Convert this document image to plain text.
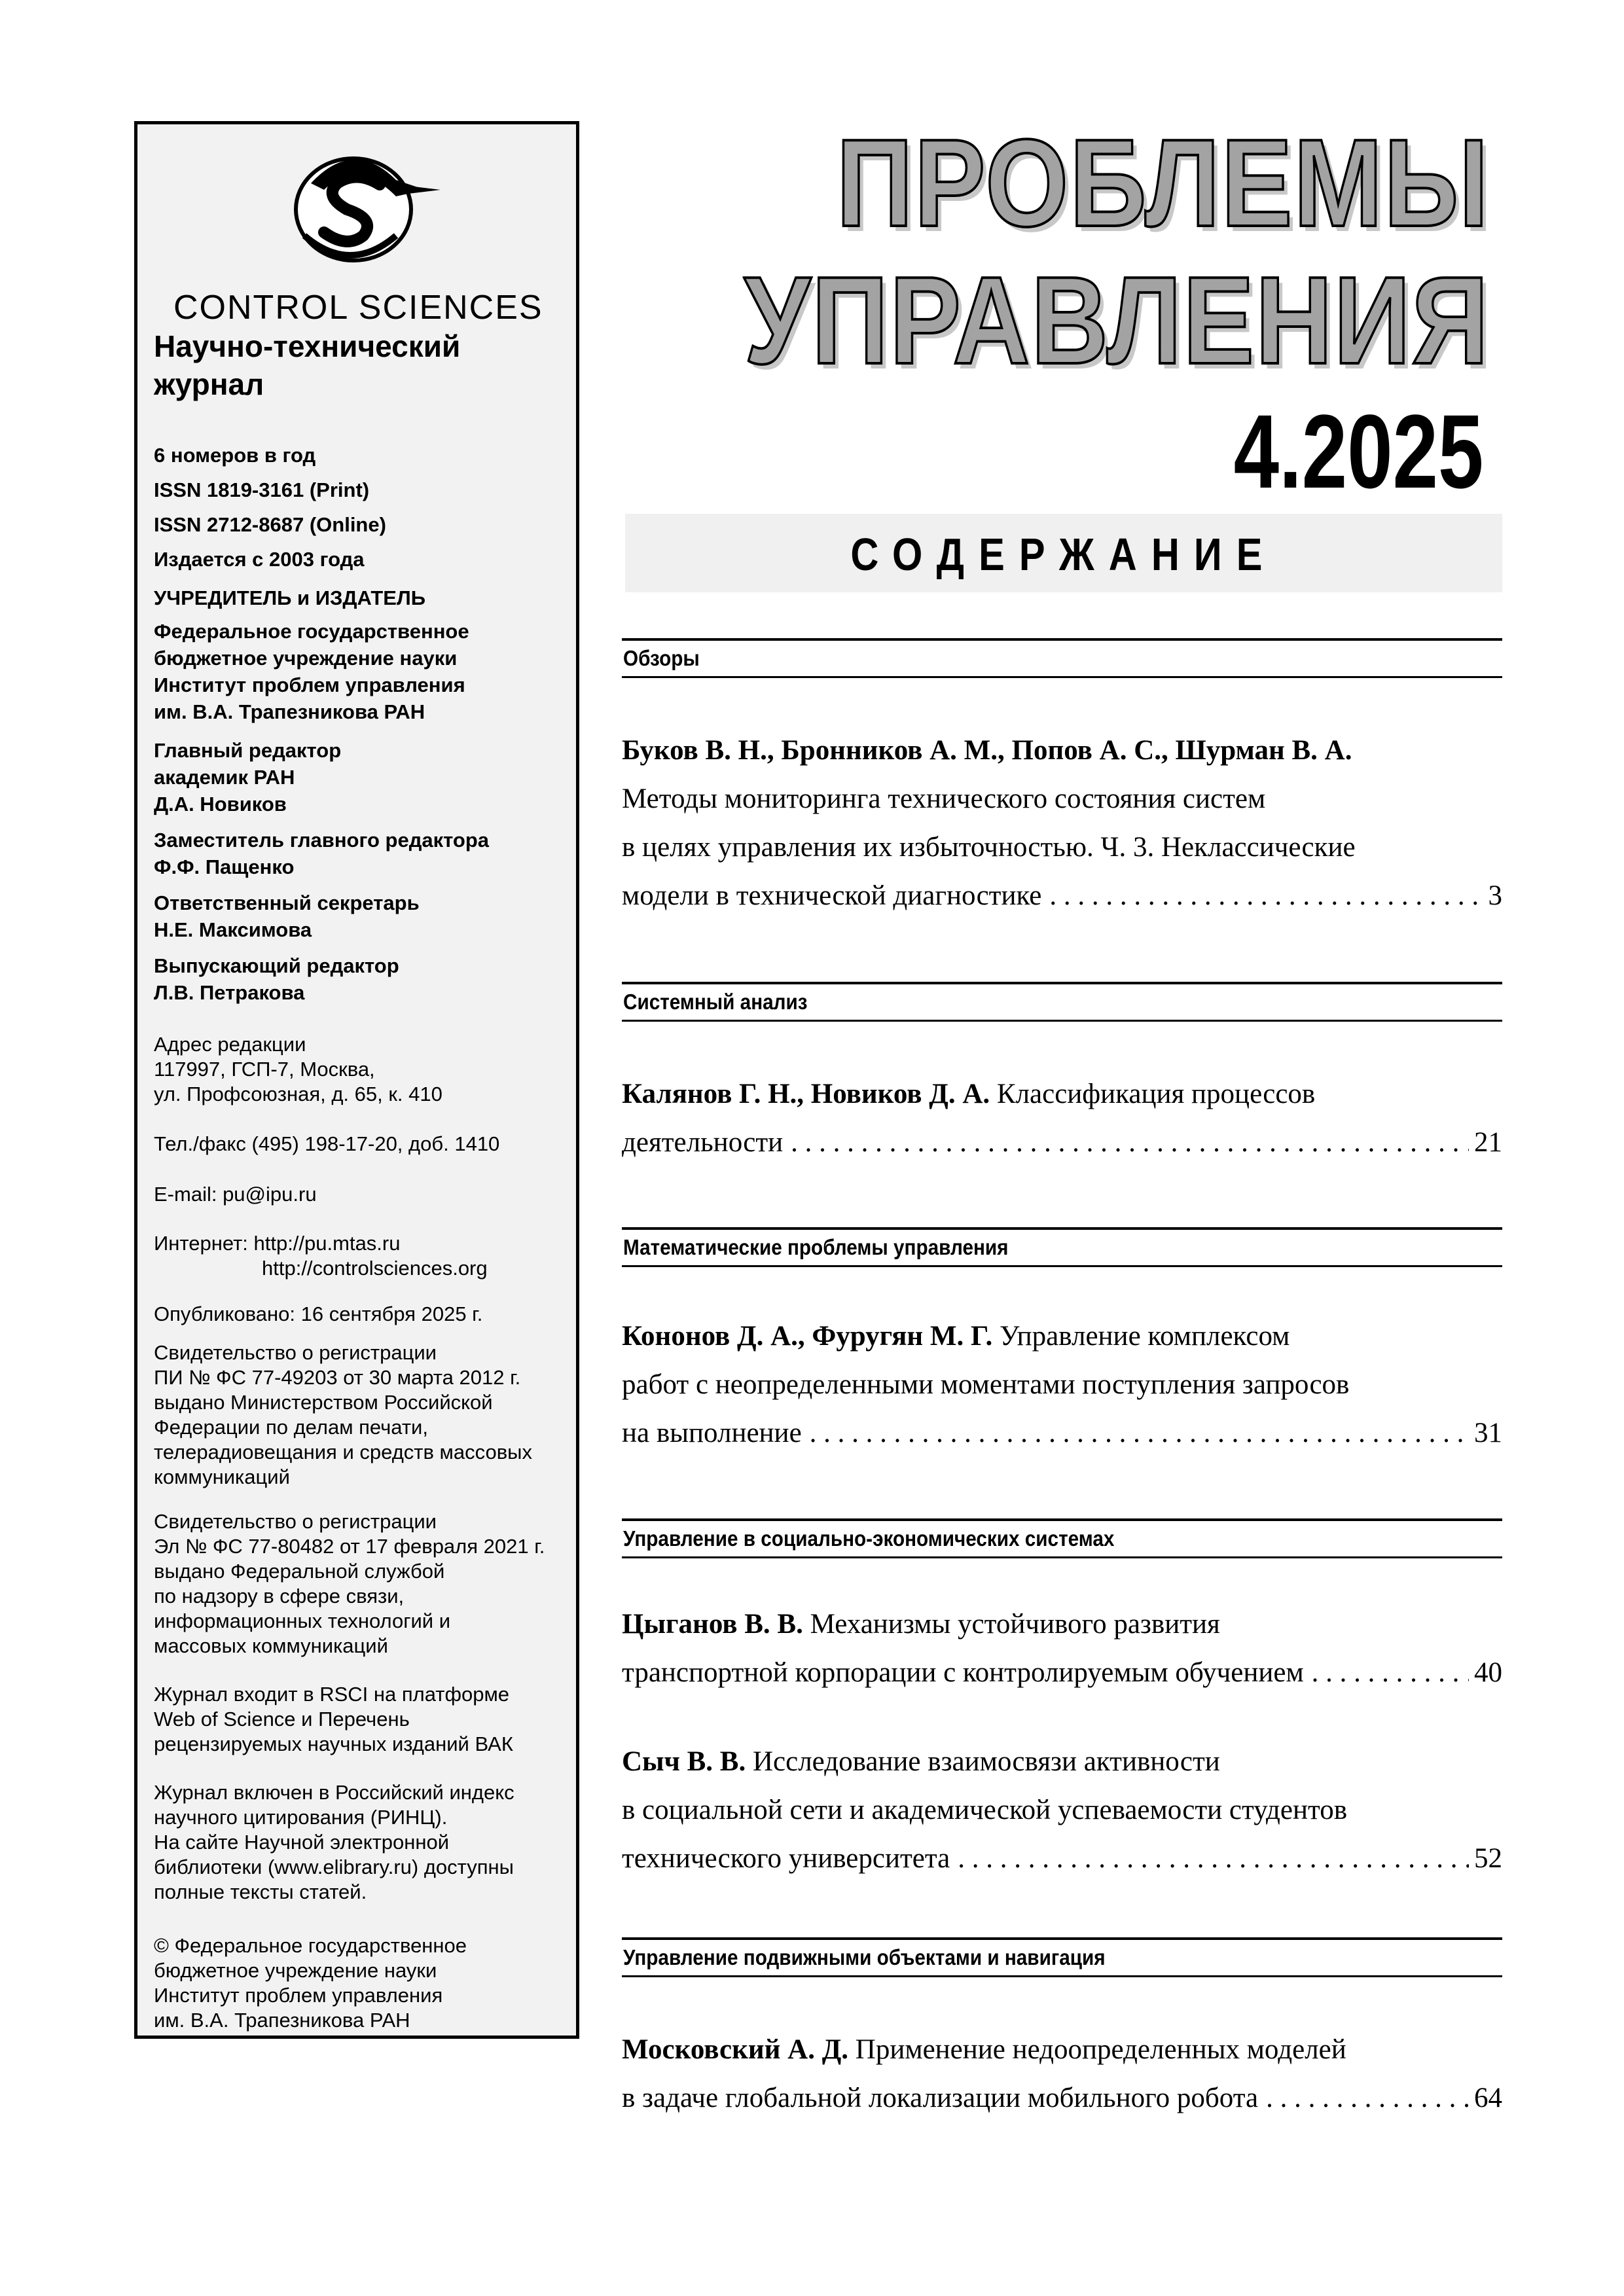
CONTROL SCIENCES
Научно-технический журнал
6 номеров в год
ISSN 1819-3161 (Print)
ISSN 2712-8687 (Online)
Издается с 2003 года
УЧРЕДИТЕЛЬ и ИЗДАТЕЛЬ
Федеральное государственное
бюджетное учреждение науки
Институт проблем управления
им. В.А. Трапезникова РАН
Главный редактор
академик РАН
Д.А. Новиков
Заместитель главного редактора
Ф.Ф. Пащенко
Ответственный секретарь
Н.Е. Максимова
Выпускающий редактор
Л.В. Петракова
Адрес редакции
117997, ГСП-7, Москва,
ул. Профсоюзная, д. 65, к. 410
Тел./факс (495) 198-17-20, доб. 1410
E-mail: pu@ipu.ru
Интернет: http://pu.mtas.ru
http://controlsciences.org
Опубликовано: 16 сентября 2025 г.
Свидетельство о регистрации
ПИ № ФС 77-49203 от 30 марта 2012 г.
выдано Министерством Российской
Федерации по делам печати,
телерадиовещания и средств массовых
коммуникаций
Свидетельство о регистрации
Эл № ФС 77-80482 от 17 февраля 2021 г.
выдано Федеральной службой
по надзору в сфере связи,
информационных технологий и
массовых коммуникаций
Журнал входит в RSCI на платформе
Web of Science и Перечень
рецензируемых научных изданий ВАК
Журнал включен в Российский индекс
научного цитирования (РИНЦ).
На сайте Научной электронной
библиотеки (www.elibrary.ru) доступны
полные тексты статей.
© Федеральное государственное
бюджетное учреждение науки
Институт проблем управления
им. В.А. Трапезникова РАН
ПРОБЛЕМЫ
УПРАВЛЕНИЯ
4.2025
СОДЕРЖАНИЕ
Обзоры
Буков В. Н., Бронников А. М., Попов А. С., Шурман В. А.
Методы мониторинга технического состояния систем
в целях управления их избыточностью. Ч. 3. Неклассические
модели в технической диагностике . . .	3
Системный анализ
Калянов Г. Н., Новиков Д. А. Классификация процессов
деятельности . . .	21
Математические проблемы управления
Кононов Д. А., Фуругян М. Г. Управление комплексом
работ с неопределенными моментами поступления запросов
на выполнение . . .	31
Управление в социально-экономических системах
Цыганов В. В. Механизмы устойчивого развития
транспортной корпорации с контролируемым обучением . . .	40
Сыч В. В. Исследование взаимосвязи активности
в социальной сети и академической успеваемости студентов
технического университета . . .	52
Управление подвижными объектами и навигация
Московский А. Д. Применение недоопределенных моделей
в задаче глобальной локализации мобильного робота . . .	64
